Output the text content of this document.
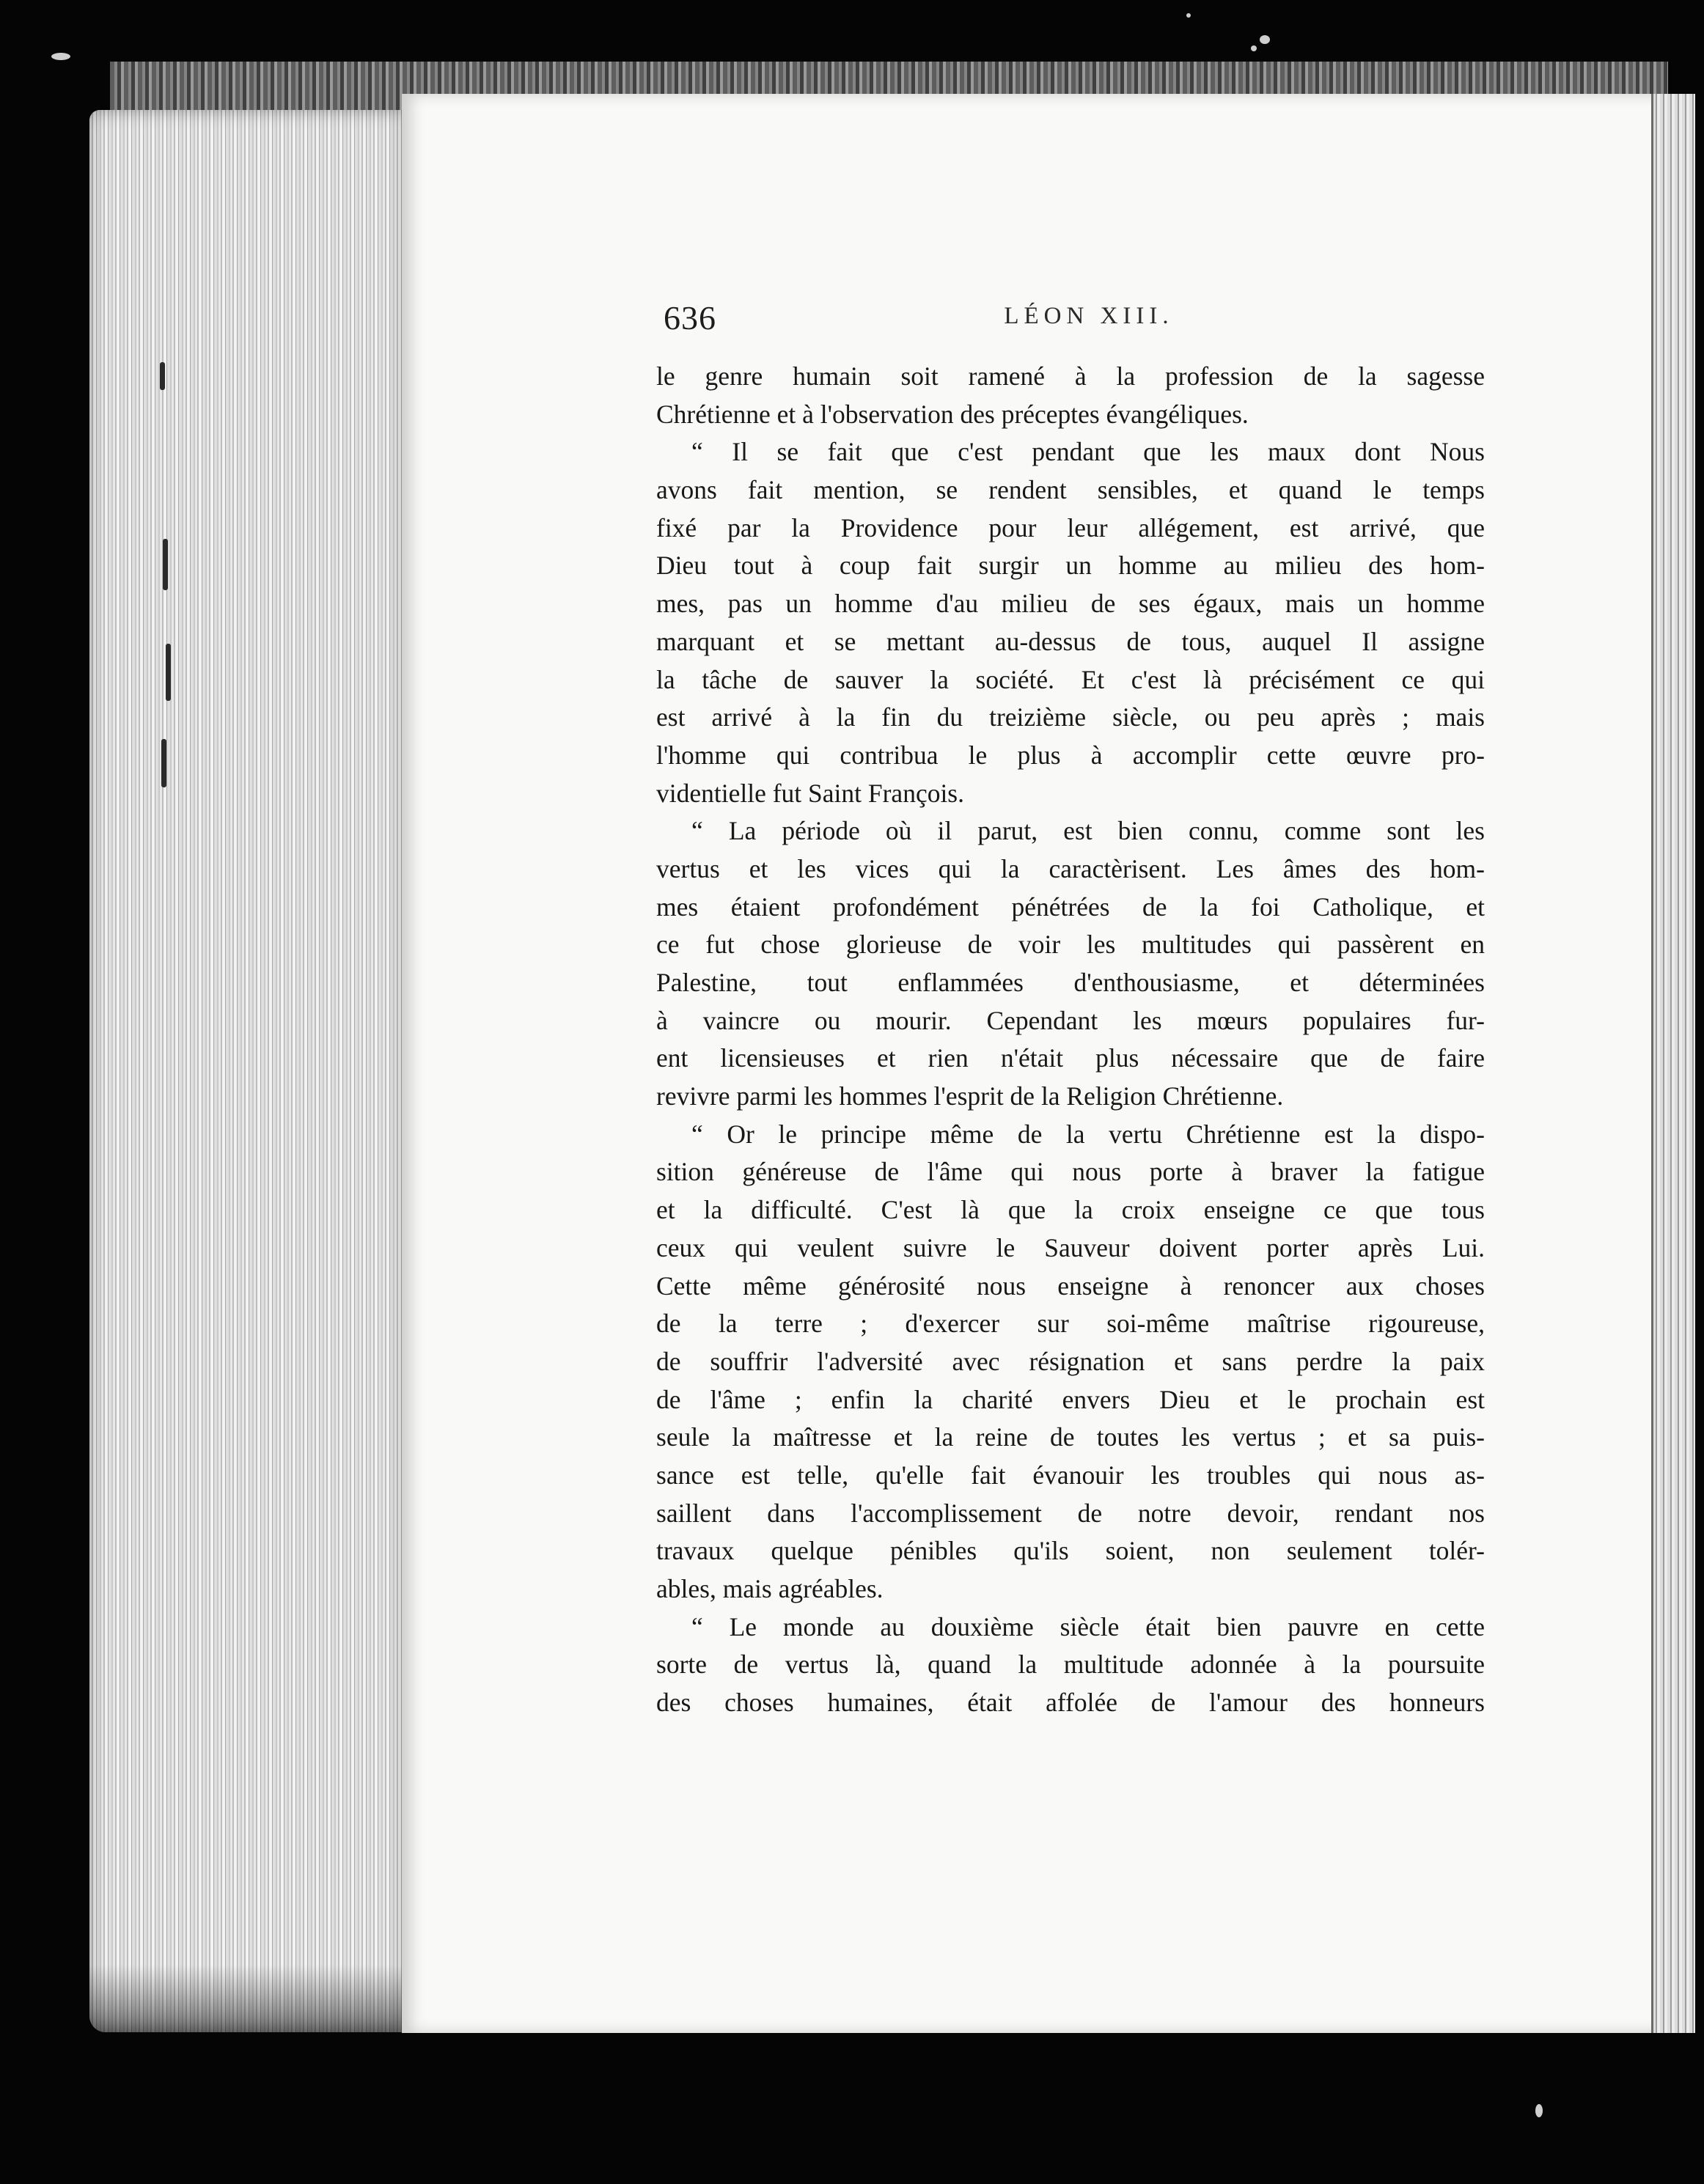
636	LÉON XIII.
le genre humain soit ramené à la profession de la sagesse
Chrétienne et à l'observation des préceptes évangéliques.
“ Il se fait que c'est pendant que les maux dont Nous
avons fait mention, se rendent sensibles, et quand le temps
fixé par la Providence pour leur allégement, est arrivé, que
Dieu tout à coup fait surgir un homme au milieu des hom-
mes, pas un homme d'au milieu de ses égaux, mais un homme
marquant et se mettant au-dessus de tous, auquel Il assigne
la tâche de sauver la société. Et c'est là précisément ce qui
est arrivé à la fin du treizième siècle, ou peu après ; mais
l'homme qui contribua le plus à accomplir cette œuvre pro-
videntielle fut Saint François.
“ La période où il parut, est bien connu, comme sont les
vertus et les vices qui la caractèrisent. Les âmes des hom-
mes étaient profondément pénétrées de la foi Catholique, et
ce fut chose glorieuse de voir les multitudes qui passèrent en
Palestine, tout enflammées d'enthousiasme, et déterminées
à vaincre ou mourir. Cependant les mœurs populaires fur-
ent licensieuses et rien n'était plus nécessaire que de faire
revivre parmi les hommes l'esprit de la Religion Chrétienne.
“ Or le principe même de la vertu Chrétienne est la dispo-
sition généreuse de l'âme qui nous porte à braver la fatigue
et la difficulté. C'est là que la croix enseigne ce que tous
ceux qui veulent suivre le Sauveur doivent porter après Lui.
Cette même générosité nous enseigne à renoncer aux choses
de la terre ; d'exercer sur soi-même maîtrise rigoureuse,
de souffrir l'adversité avec résignation et sans perdre la paix
de l'âme ; enfin la charité envers Dieu et le prochain est
seule la maîtresse et la reine de toutes les vertus ; et sa puis-
sance est telle, qu'elle fait évanouir les troubles qui nous as-
saillent dans l'accomplissement de notre devoir, rendant nos
travaux quelque pénibles qu'ils soient, non seulement tolér-
ables, mais agréables.
“ Le monde au douxième siècle était bien pauvre en cette
sorte de vertus là, quand la multitude adonnée à la poursuite
des choses humaines, était affolée de l'amour des honneurs
